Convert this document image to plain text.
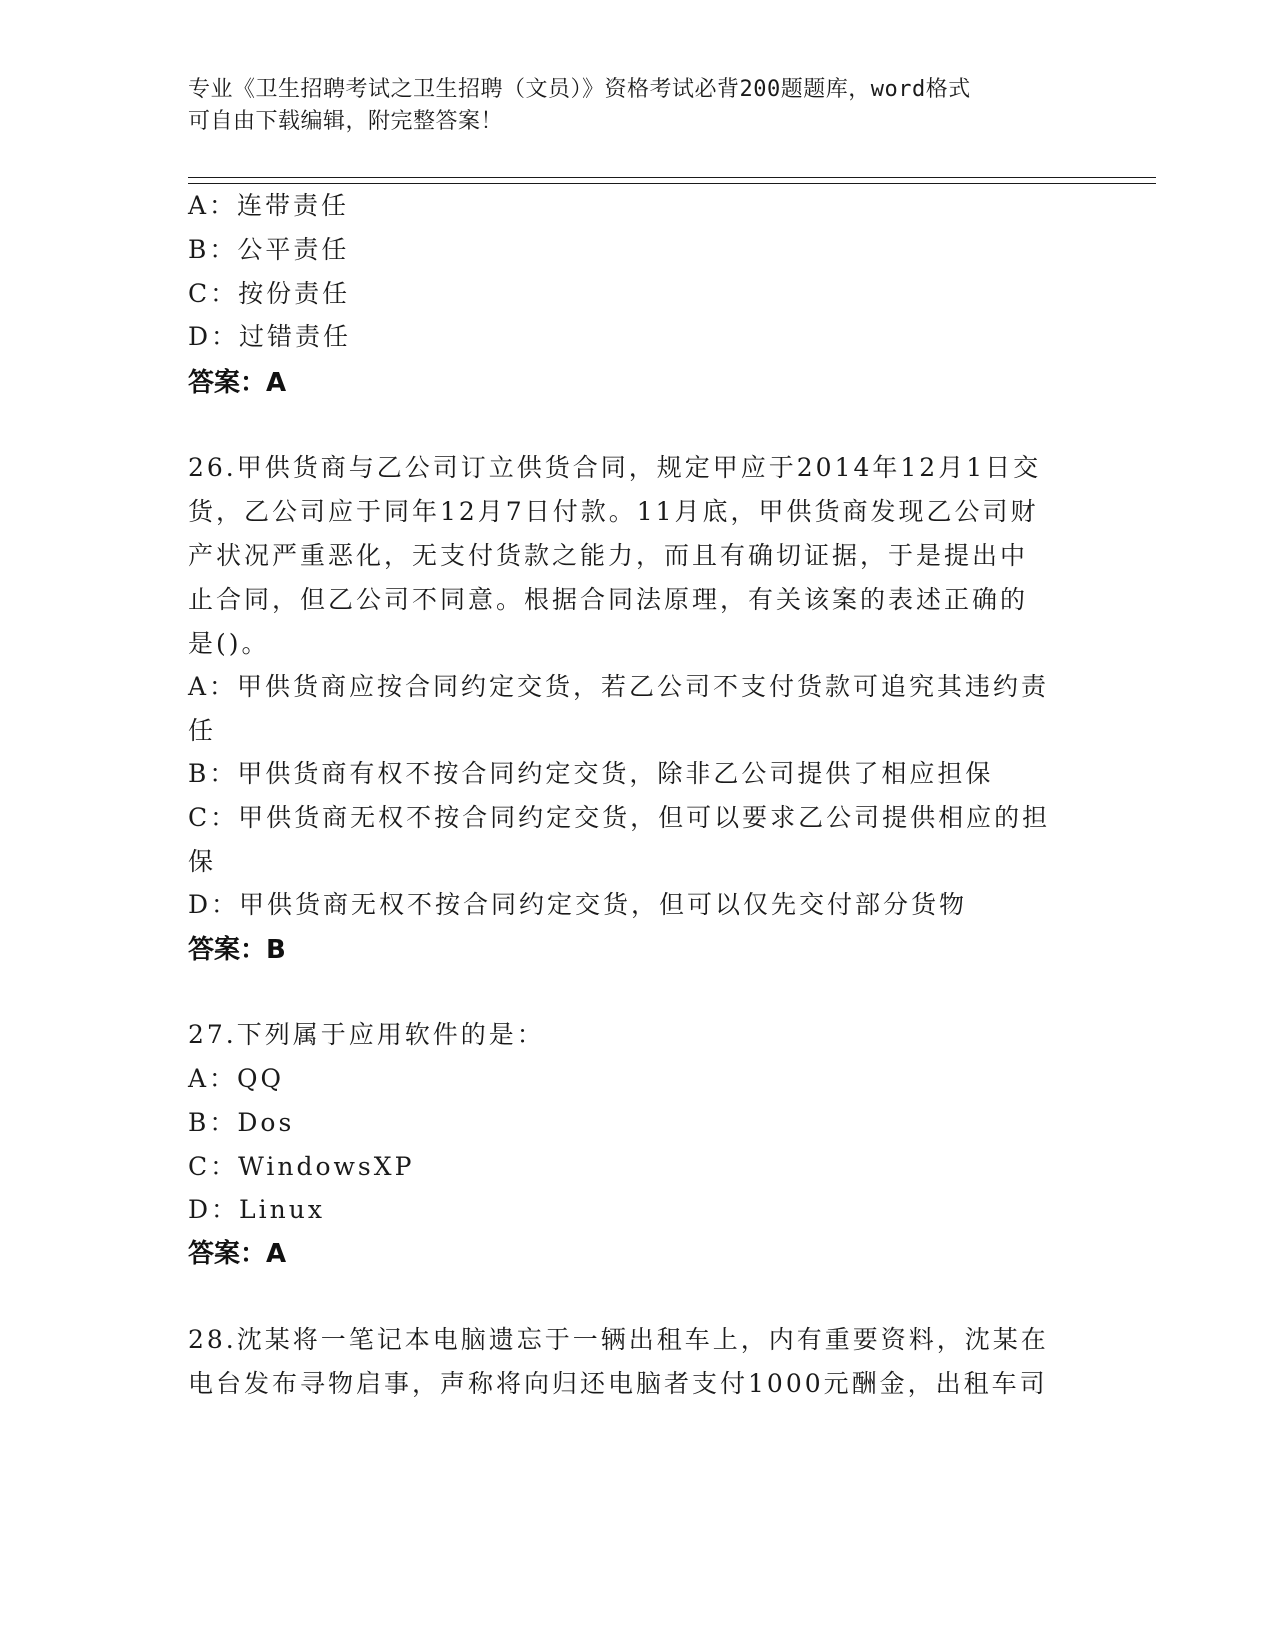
专业《卫生招聘考试之卫生招聘（文员）》资格考试必背200题题库，word格式
可自由下载编辑，附完整答案！
A：连带责任
B：公平责任
C：按份责任
D：过错责任
答案：A
26.甲供货商与乙公司订立供货合同，规定甲应于2014年12月1日交
货，乙公司应于同年12月7日付款。11月底，甲供货商发现乙公司财
产状况严重恶化，无支付货款之能力，而且有确切证据，于是提出中
止合同，但乙公司不同意。根据合同法原理，有关该案的表述正确的
是()。
A：甲供货商应按合同约定交货，若乙公司不支付货款可追究其违约责
任
B：甲供货商有权不按合同约定交货，除非乙公司提供了相应担保
C：甲供货商无权不按合同约定交货，但可以要求乙公司提供相应的担
保
D：甲供货商无权不按合同约定交货，但可以仅先交付部分货物
答案：B
27.下列属于应用软件的是：
A：QQ
B：Dos
C：WindowsXP
D：Linux
答案：A
28.沈某将一笔记本电脑遗忘于一辆出租车上，内有重要资料，沈某在
电台发布寻物启事，声称将向归还电脑者支付1000元酬金，出租车司
